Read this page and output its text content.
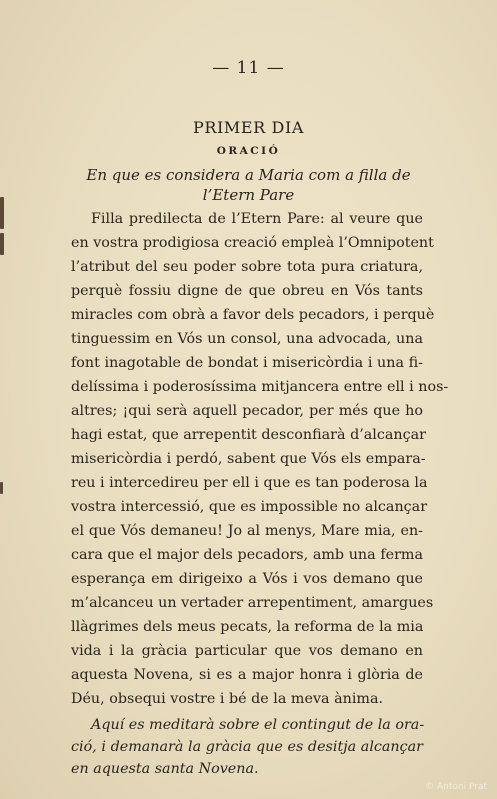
— 11 —
PRIMER DIA
ORACIÓ
En que es considera a Maria com a filla de
l’Etern Pare
Filla predilecta de l’Etern Pare: al veure que
en vostra prodigiosa creació empleà l’Omnipotent
l’atribut del seu poder sobre tota pura criatura,
perquè fossiu digne de que obreu en Vós tants
miracles com obrà a favor dels pecadors, i perquè
tinguessim en Vós un consol, una advocada, una
font inagotable de bondat i misericòrdia i una fi-
delíssima i poderosíssima mitjancera entre ell i nos-
altres; ¡qui serà aquell pecador, per més que ho
hagi estat, que arrepentit desconfiarà d’alcançar
misericòrdia i perdó, sabent que Vós els empara-
reu i intercedireu per ell i que es tan poderosa la
vostra intercessió, que es impossible no alcançar
el que Vós demaneu! Jo al menys, Mare mia, en-
cara que el major dels pecadors, amb una ferma
esperança em dirigeixo a Vós i vos demano que
m’alcanceu un vertader arrepentiment, amargues
llàgrimes dels meus pecats, la reforma de la mia
vida i la gràcia particular que vos demano en
aquesta Novena, si es a major honra i glòria de
Déu, obsequi vostre i bé de la meva ànima.
Aquí es meditarà sobre el contingut de la ora-
ció, i demanarà la gràcia que es desitja alcançar
en aquesta santa Novena.
© Antoni Prat
